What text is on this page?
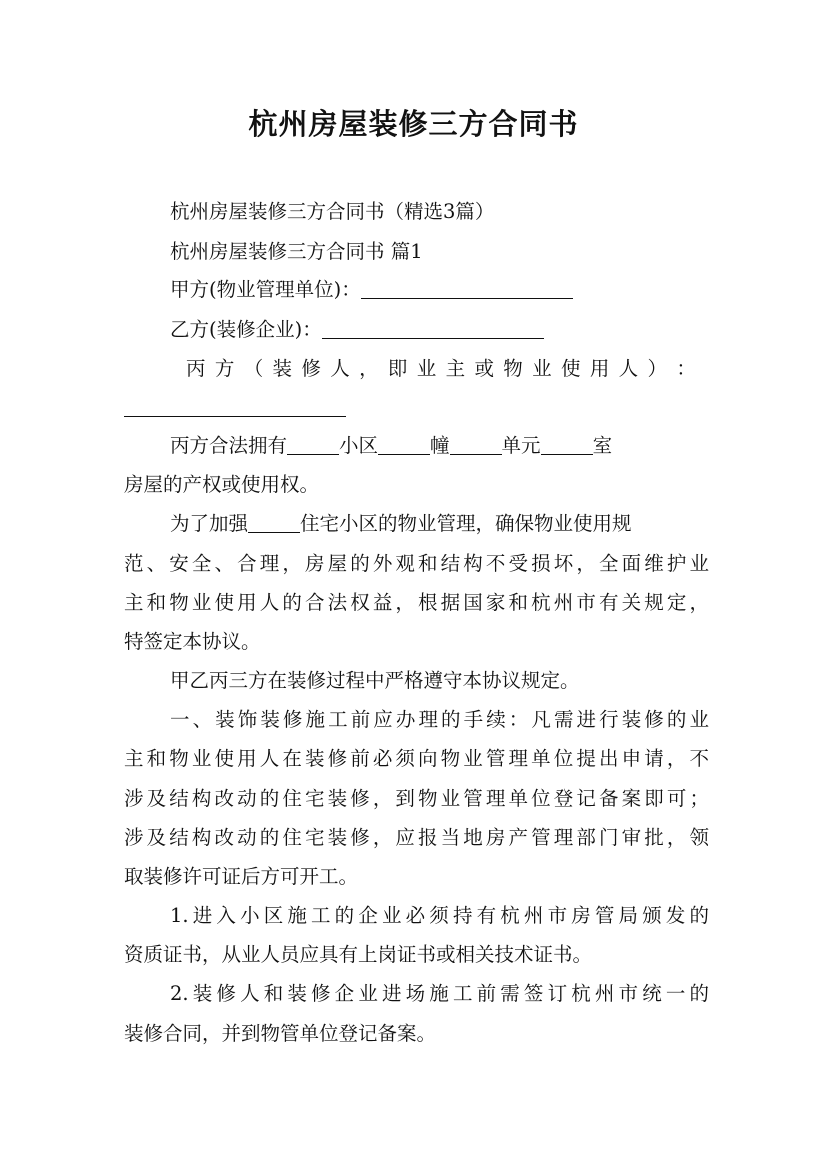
杭州房屋装修三方合同书
杭州房屋装修三方合同书（精选3篇）
杭州房屋装修三方合同书 篇1
甲方(物业管理单位)：
乙方(装修企业)：
丙 方 （ 装 修 人 ， 即 业 主 或 物 业 使 用 人 ） ：
丙方合法拥有	小区	幢	单元	室
房屋的产权或使用权。
为了加强	住宅小区的物业管理，确保物业使用规
范、安全、合理，房屋的外观和结构不受损坏，全面维护业
主和物业使用人的合法权益，根据国家和杭州市有关规定，
特签定本协议。
甲乙丙三方在装修过程中严格遵守本协议规定。
一、装饰装修施工前应办理的手续：凡需进行装修的业
主和物业使用人在装修前必须向物业管理单位提出申请，不
涉及结构改动的住宅装修，到物业管理单位登记备案即可；
涉及结构改动的住宅装修，应报当地房产管理部门审批，领
取装修许可证后方可开工。
1.进入小区施工的企业必须持有杭州市房管局颁发的
资质证书，从业人员应具有上岗证书或相关技术证书。
2.装修人和装修企业进场施工前需签订杭州市统一的
装修合同，并到物管单位登记备案。
